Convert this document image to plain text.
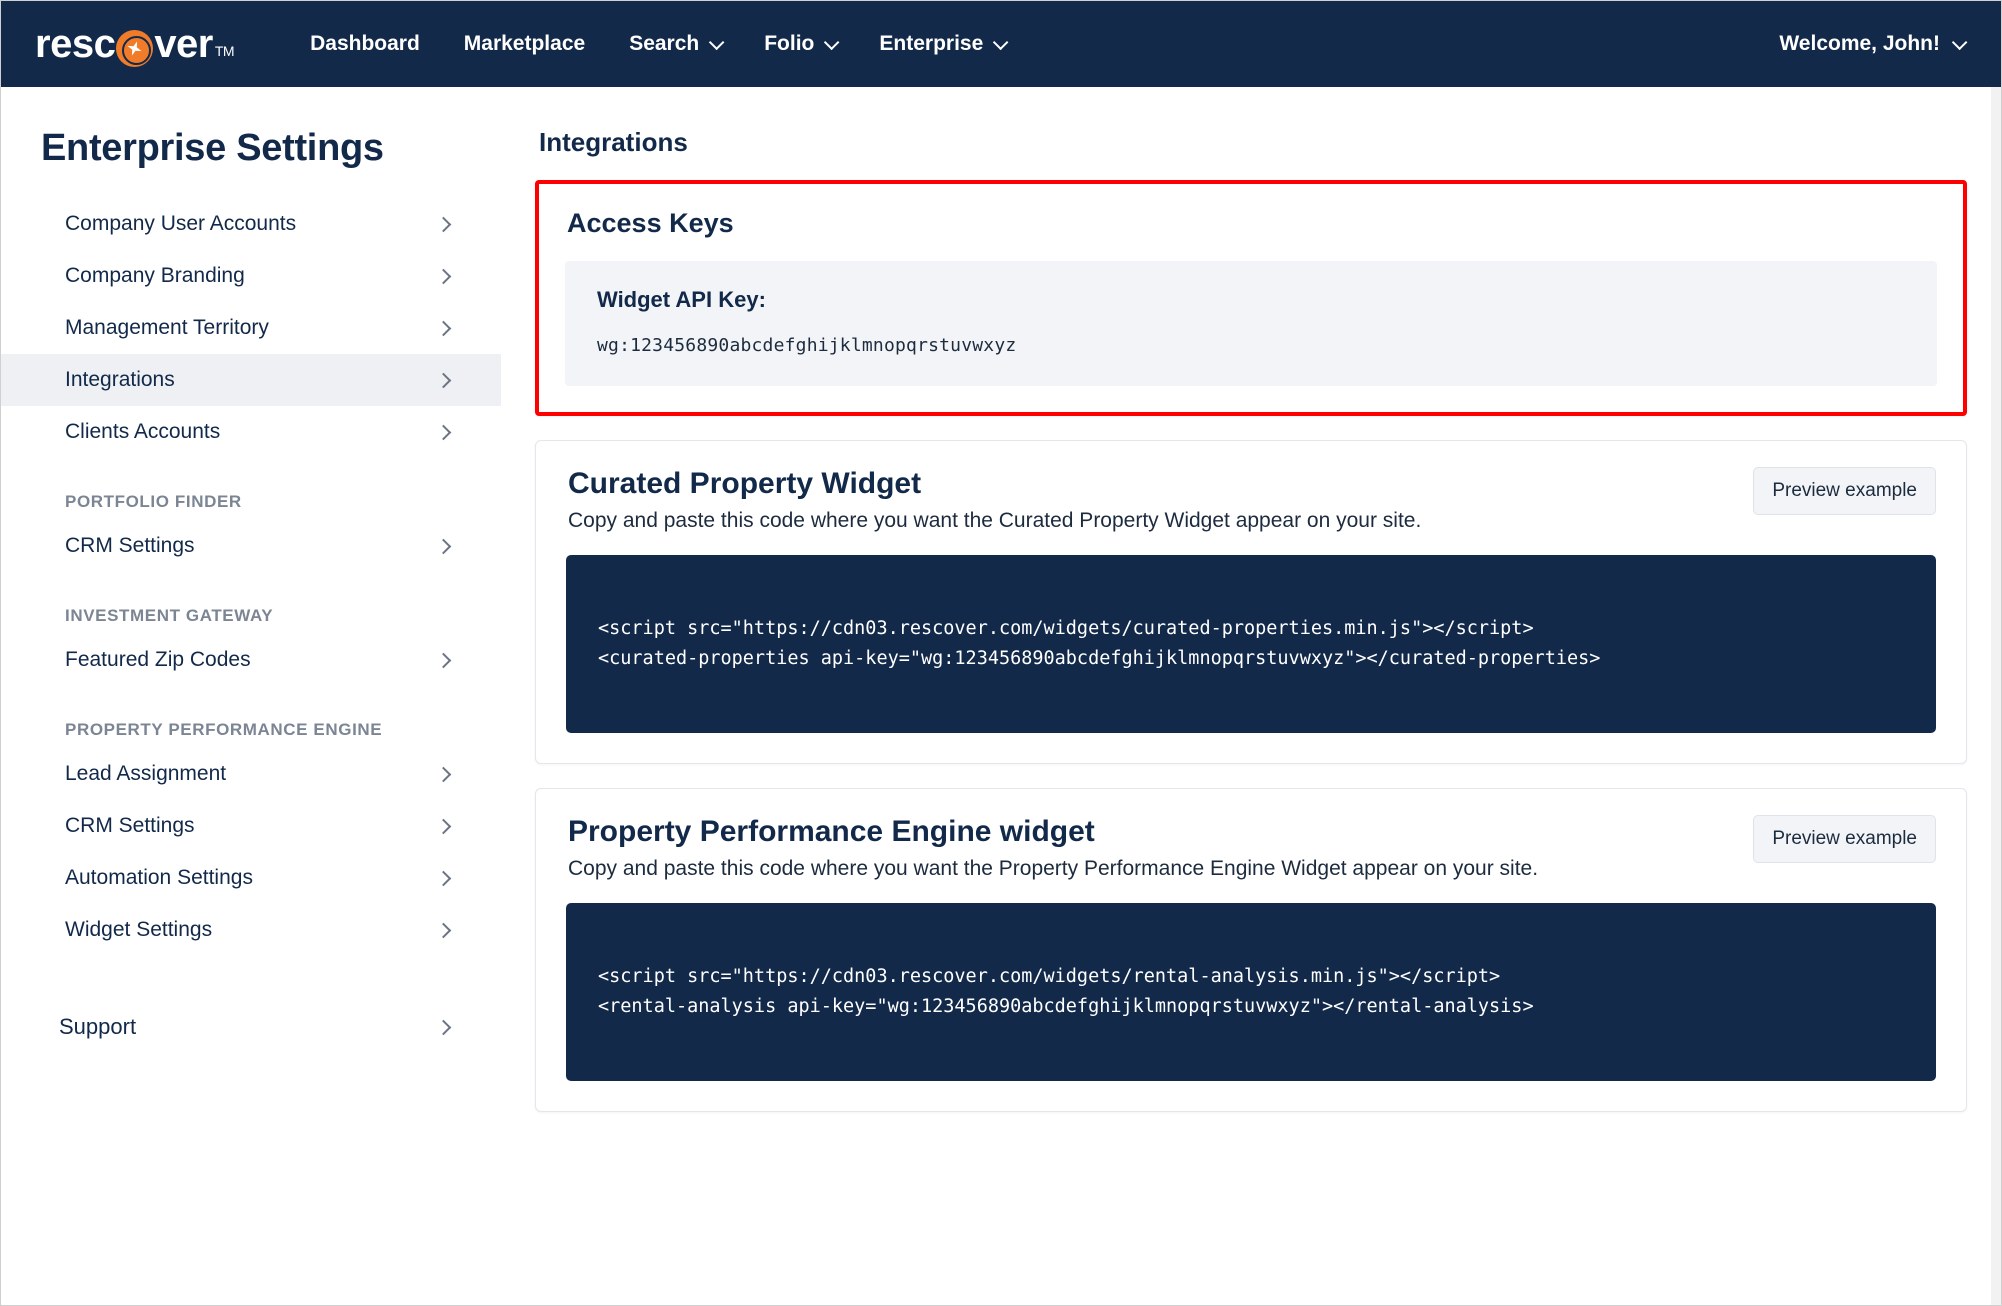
res c ver TM	Dashboard Marketplace Search	Folio	Enterprise	Welcome, John!
Enterprise Settings
Company User Accounts
Company Branding
Management Territory
Integrations
Clients Accounts
PORTFOLIO FINDER
CRM Settings
INVESTMENT GATEWAY
Featured Zip Codes
PROPERTY PERFORMANCE ENGINE
Lead Assignment
CRM Settings
Automation Settings
Widget Settings
Support
Integrations
Access Keys
Widget API Key:
wg:123456890abcdefghijklmnopqrstuvwxyz
Preview example
Curated Property Widget

Copy and paste this code where you want the Curated Property Widget appear on your site.

<script src="https://cdn03.rescover.com/widgets/curated-properties.min.js"></script>
<curated-properties api-key="wg:123456890abcdefghijklmnopqrstuvwxyz"></curated-properties>

Preview example
Property Performance Engine widget

Copy and paste this code where you want the Property Performance Engine Widget appear on your site.

<script src="https://cdn03.rescover.com/widgets/rental-analysis.min.js"></script>
<rental-analysis api-key="wg:123456890abcdefghijklmnopqrstuvwxyz"></rental-analysis>
